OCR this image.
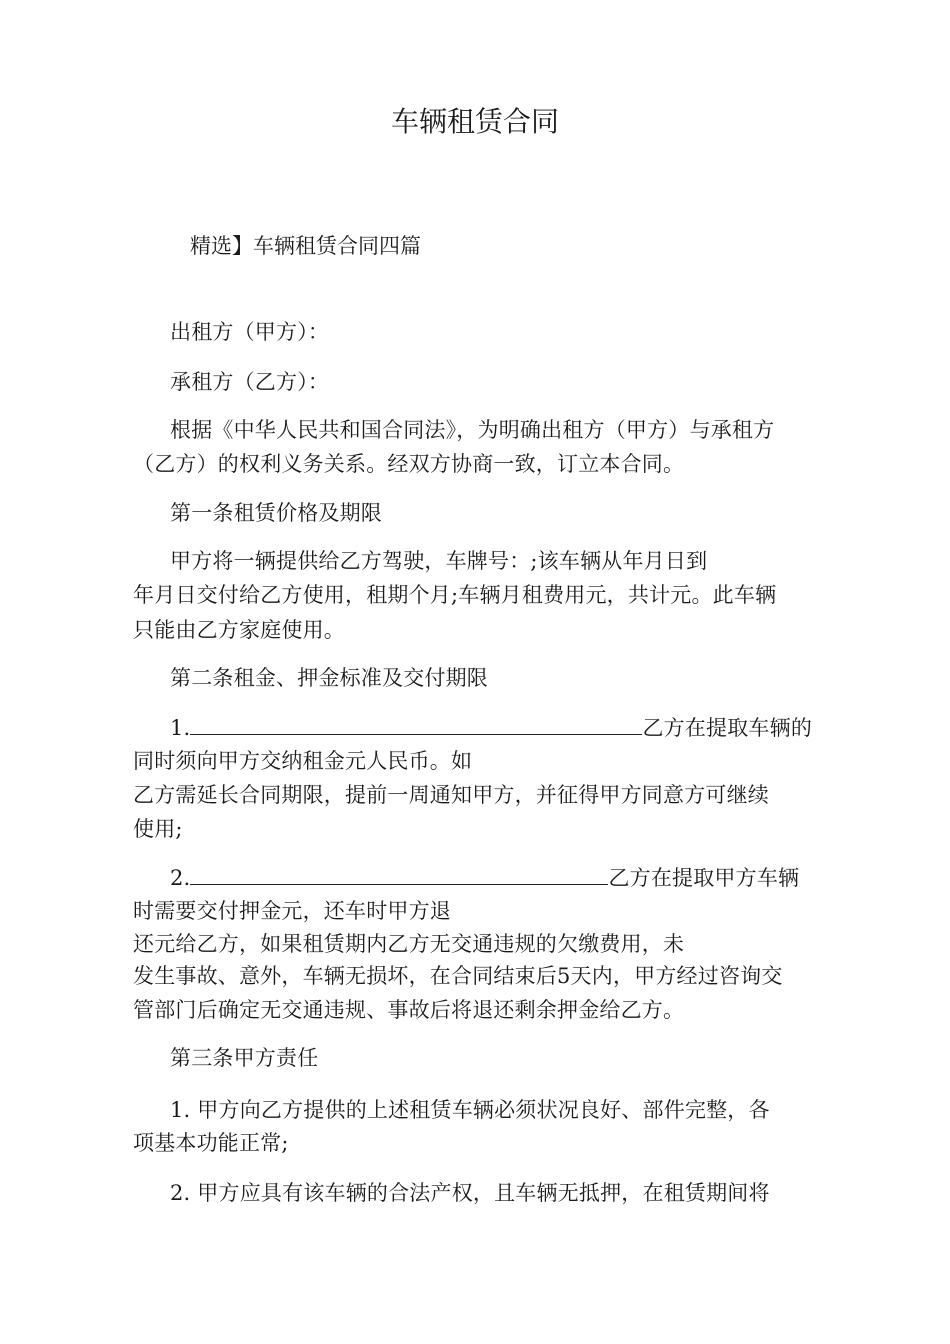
车辆租赁合同

精选】车辆租赁合同四篇

出租方（甲方）：

承租方（乙方）：

根据《中华人民共和国合同法》，为明确出租方（甲方）与承租方

（乙方）的权利义务关系。经双方协商一致，订立本合同。

第一条租赁价格及期限

甲方将一辆提供给乙方驾驶，车牌号：;该车辆从年月日到

年月日交付给乙方使用，租期个月;车辆月租费用元，共计元。此车辆

只能由乙方家庭使用。

第二条租金、押金标准及交付期限

1.	乙方在提取车辆的

同时须向甲方交纳租金元人民币。如

乙方需延长合同期限，提前一周通知甲方，并征得甲方同意方可继续

使用;

2.	乙方在提取甲方车辆

时需要交付押金元，还车时甲方退

还元给乙方，如果租赁期内乙方无交通违规的欠缴费用，未

发生事故、意外，车辆无损坏，在合同结束后5天内，甲方经过咨询交

管部门后确定无交通违规、事故后将退还剩余押金给乙方。

第三条甲方责任

1. 甲方向乙方提供的上述租赁车辆必须状况良好、部件完整，各

项基本功能正常;

2. 甲方应具有该车辆的合法产权，且车辆无抵押，在租赁期间将
